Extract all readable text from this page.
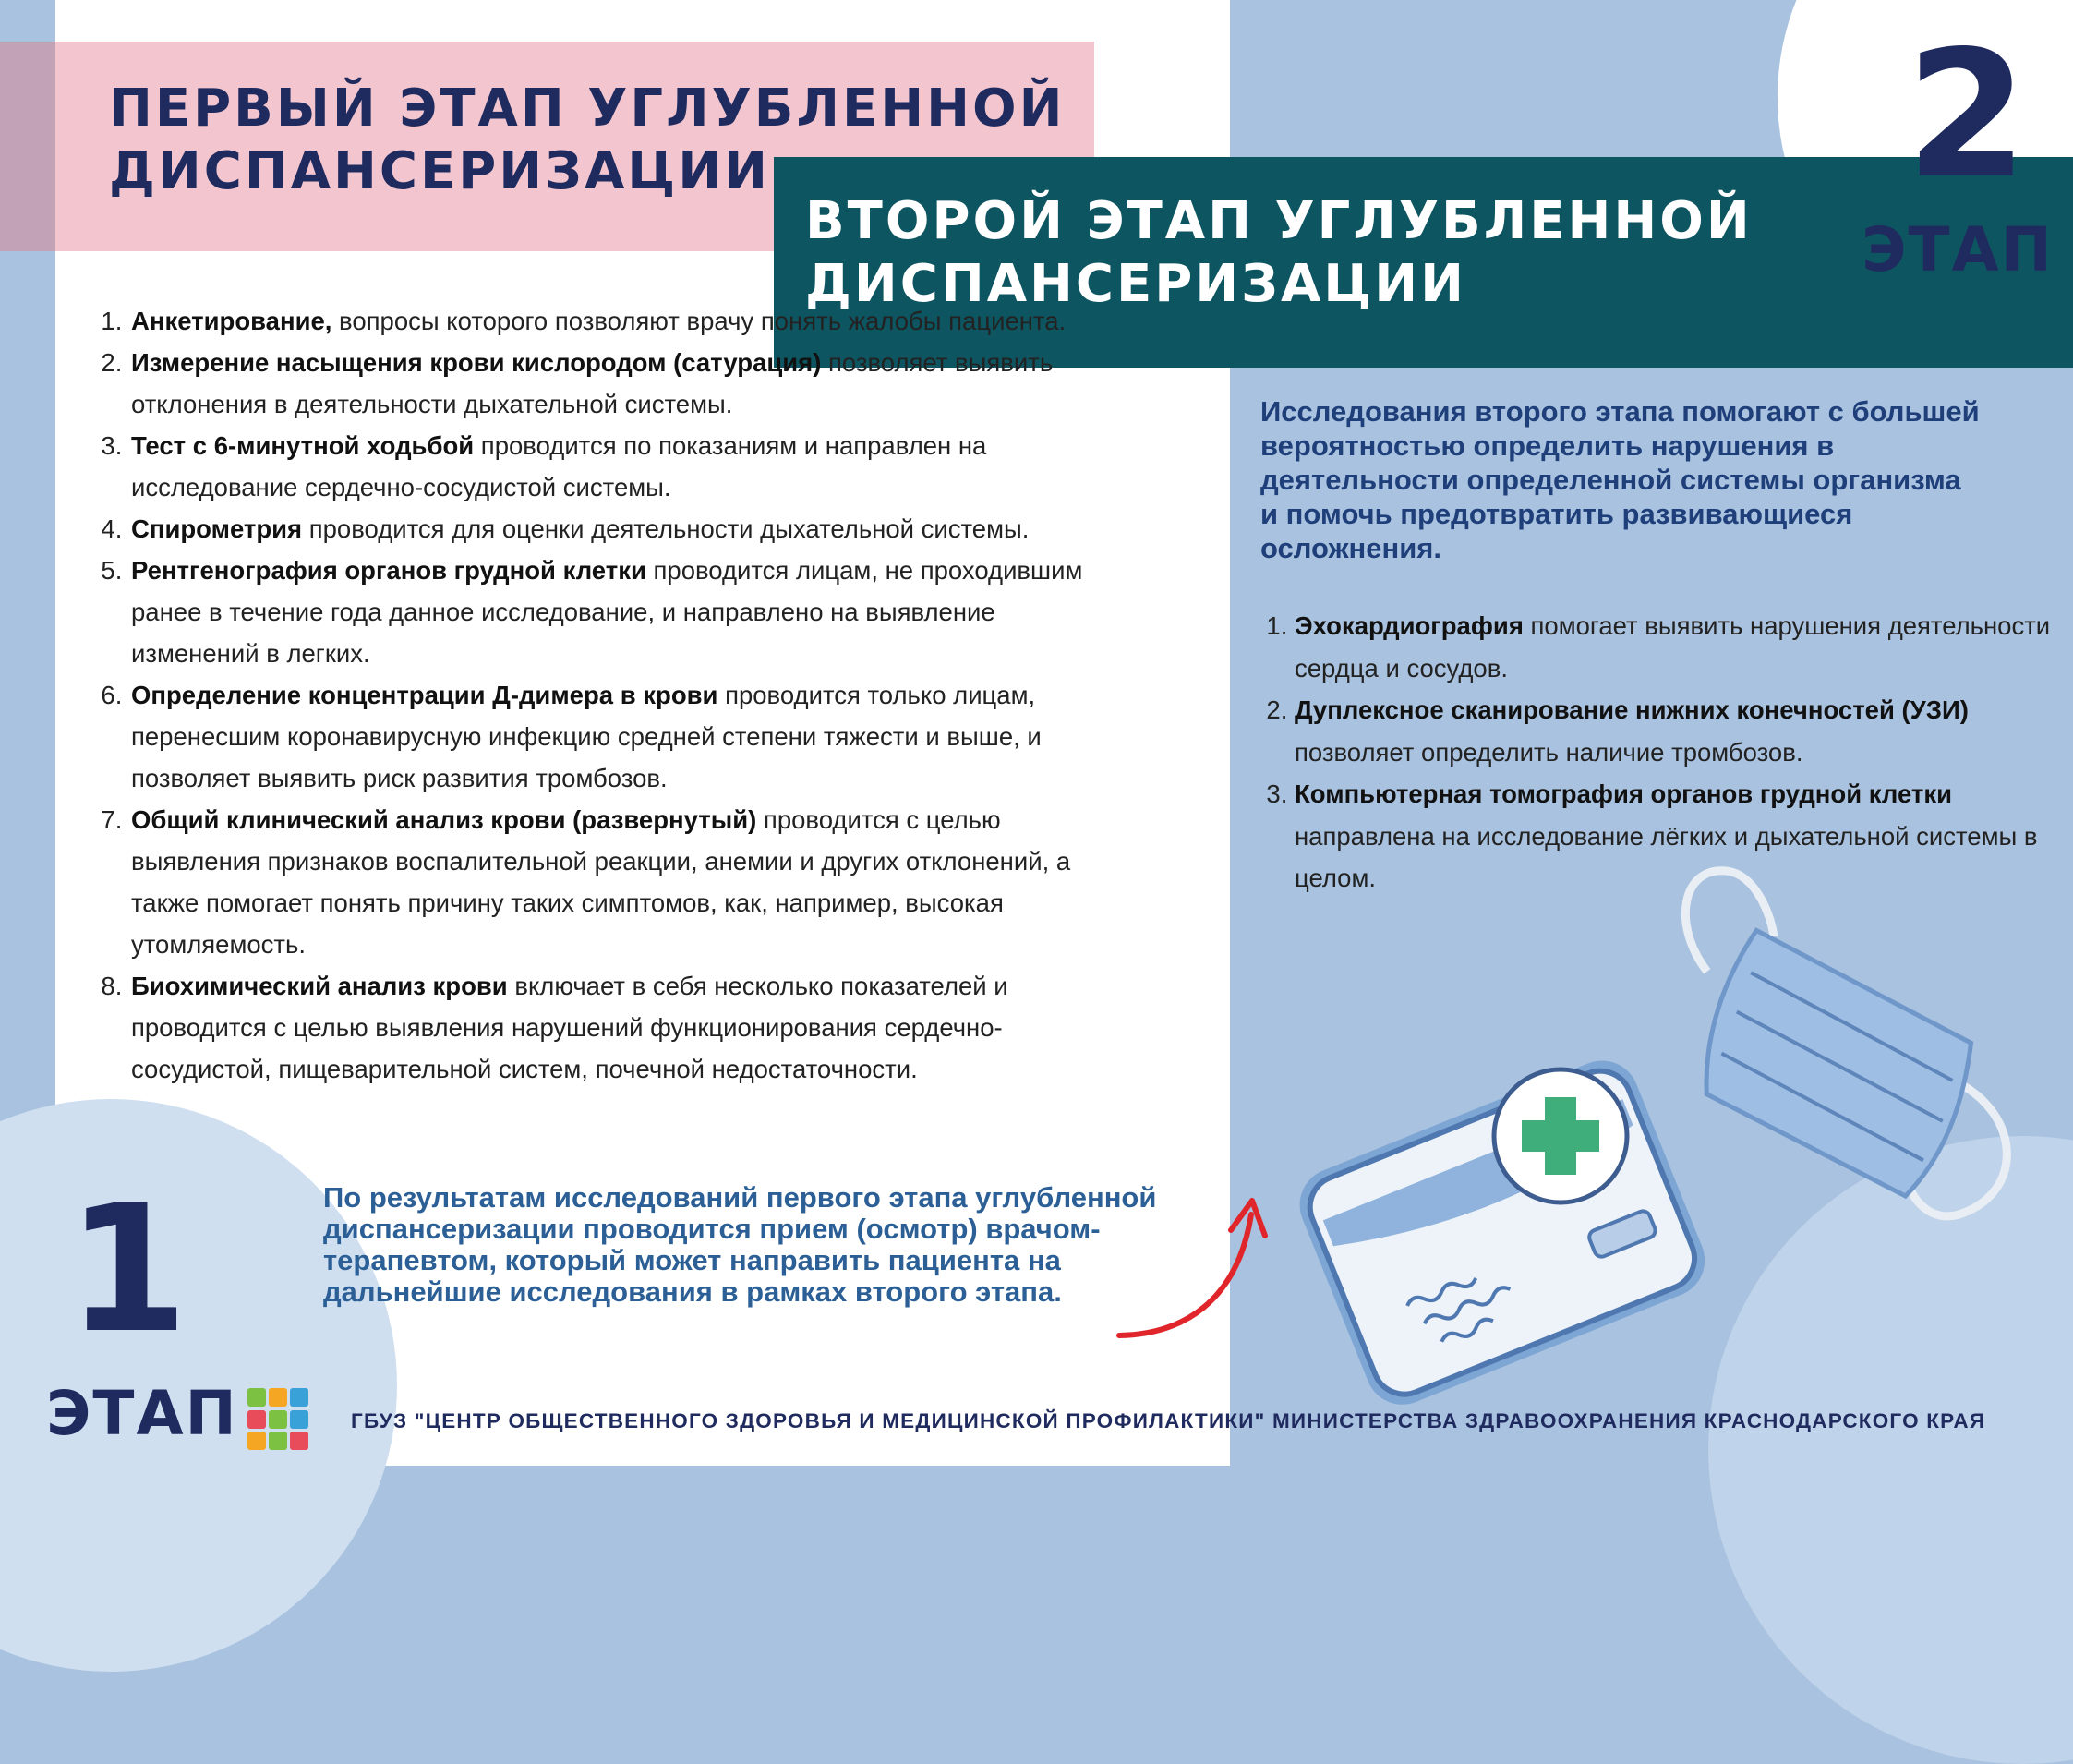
ПЕРВЫЙ ЭТАП УГЛУБЛЕННОЙ ДИСПАНСЕРИЗАЦИИ
ВТОРОЙ ЭТАП УГЛУБЛЕННОЙ ДИСПАНСЕРИЗАЦИИ
2
ЭТАП
1
ЭТАП
1. Анкетирование, вопросы которого позволяют врачу понять жалобы пациента.
2. Измерение насыщения крови кислородом (сатурация) позволяет выявить отклонения в деятельности дыхательной системы.
3. Тест с 6-минутной ходьбой проводится по показаниям и направлен на исследование сердечно-сосудистой системы.
4. Спирометрия проводится для оценки деятельности дыхательной системы.
5. Рентгенография органов грудной клетки проводится лицам, не проходившим ранее в течение года данное исследование, и направлено на выявление изменений в легких.
6. Определение концентрации Д-димера в крови проводится только лицам, перенесшим коронавирусную инфекцию средней степени тяжести и выше, и позволяет выявить риск развития тромбозов.
7. Общий клинический анализ крови (развернутый) проводится с целью выявления признаков воспалительной реакции, анемии и других отклонений, а также помогает понять причину таких симптомов, как, например, высокая утомляемость.
8. Биохимический анализ крови включает в себя несколько показателей и проводится с целью выявления нарушений функционирования сердечно-сосудистой, пищеварительной систем, почечной недостаточности.

По результатам исследований первого этапа углубленной диспансеризации проводится прием (осмотр) врачом-терапевтом, который может направить пациента на дальнейшие исследования в рамках второго этапа.

Исследования второго этапа помогают с большей вероятностью определить нарушения в деятельности определенной системы организма и помочь предотвратить развивающиеся осложнения.

1. Эхокардиография помогает выявить нарушения деятельности сердца и сосудов.
2. Дуплексное сканирование нижних конечностей (УЗИ) позволяет определить наличие тромбозов.
3. Компьютерная томография органов грудной клетки направлена на исследование лёгких и дыхательной системы в целом.
ГБУЗ "ЦЕНТР ОБЩЕСТВЕННОГО ЗДОРОВЬЯ И МЕДИЦИНСКОЙ ПРОФИЛАКТИКИ" МИНИСТЕРСТВА ЗДРАВООХРАНЕНИЯ КРАСНОДАРСКОГО КРАЯ
